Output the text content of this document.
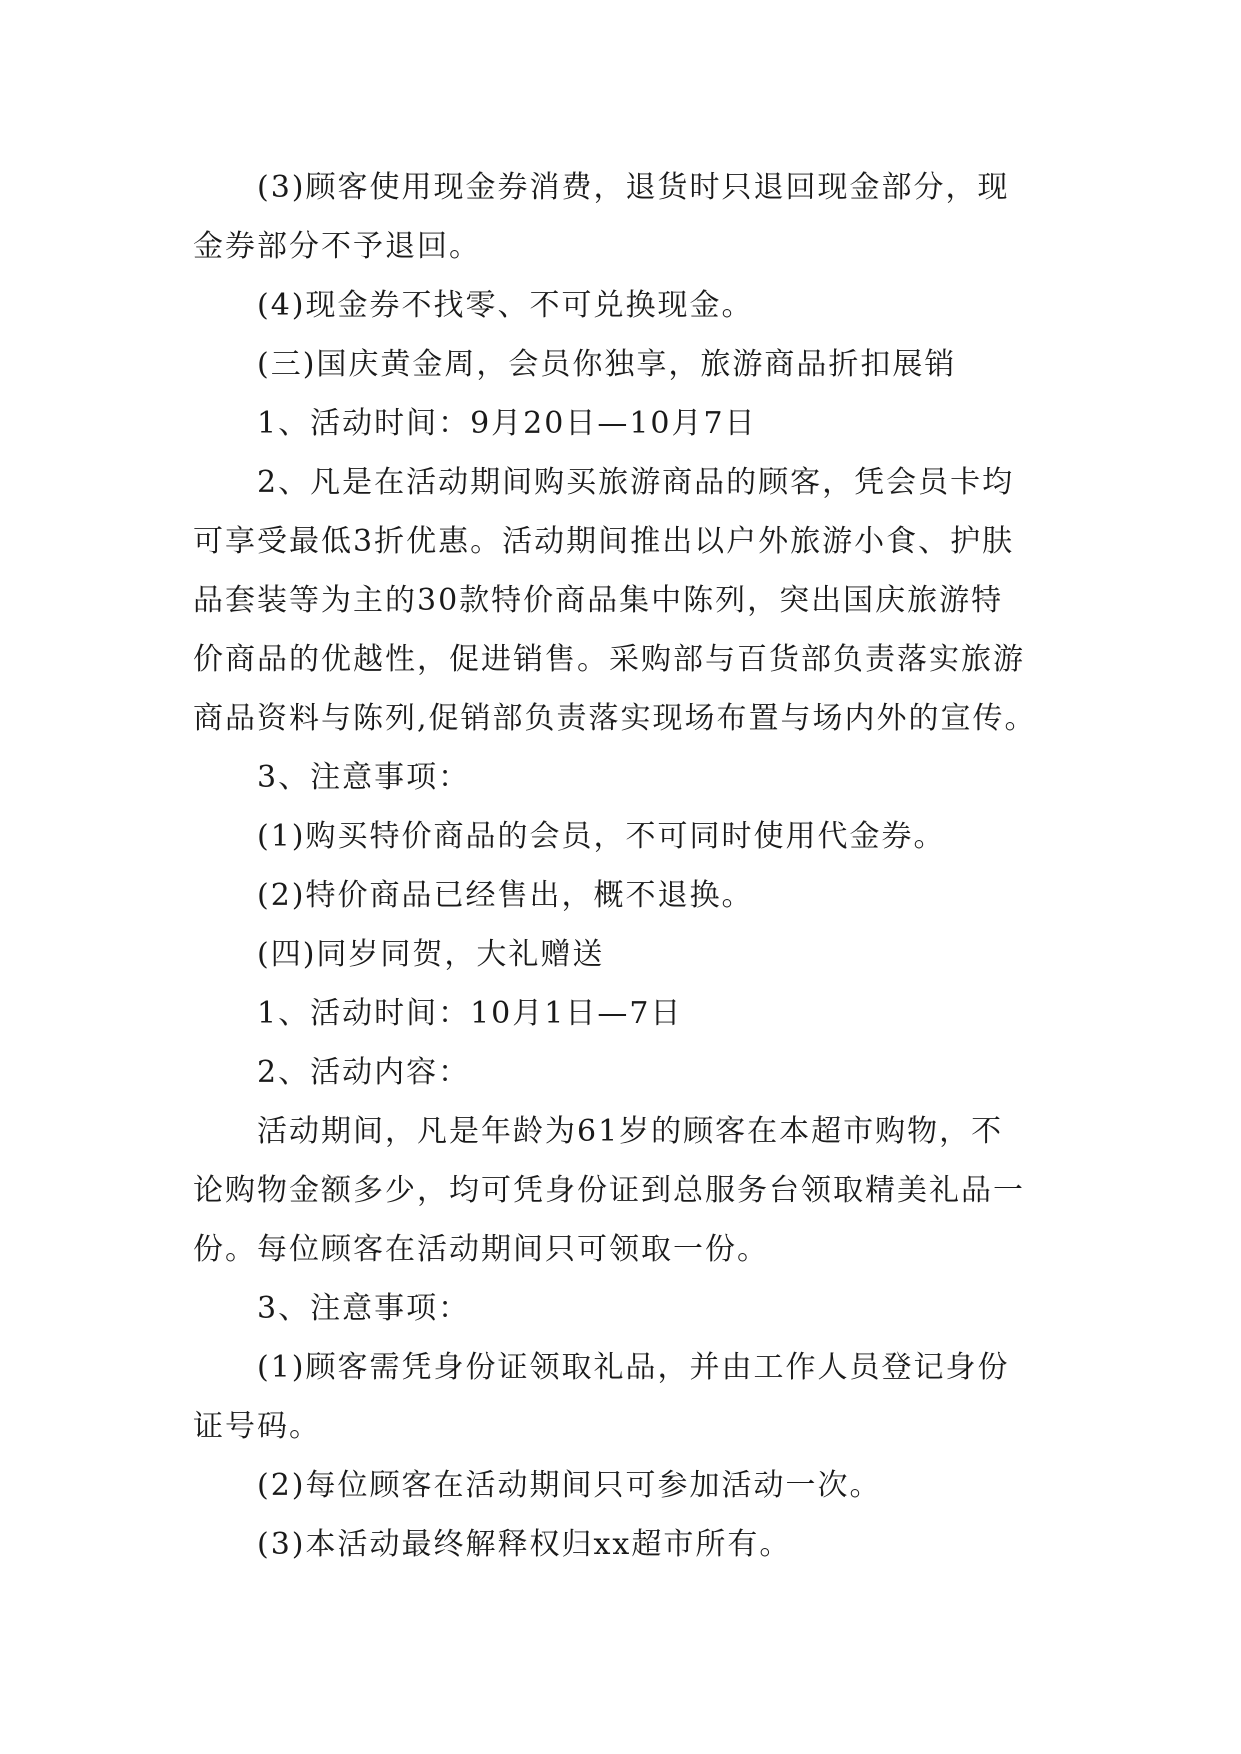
(3)顾客使用现金券消费，退货时只退回现金部分，现
金券部分不予退回。

(4)现金券不找零、不可兑换现金。

(三)国庆黄金周，会员你独享，旅游商品折扣展销

1、活动时间：9月20日—10月7日

2、凡是在活动期间购买旅游商品的顾客，凭会员卡均
可享受最低3折优惠。活动期间推出以户外旅游小食、护肤
品套装等为主的30款特价商品集中陈列，突出国庆旅游特
价商品的优越性，促进销售。采购部与百货部负责落实旅游
商品资料与陈列,促销部负责落实现场布置与场内外的宣传。

3、注意事项：

(1)购买特价商品的会员，不可同时使用代金券。

(2)特价商品已经售出，概不退换。

(四)同岁同贺，大礼赠送

1、活动时间：10月1日—7日

2、活动内容：

活动期间，凡是年龄为61岁的顾客在本超市购物，不
论购物金额多少，均可凭身份证到总服务台领取精美礼品一
份。每位顾客在活动期间只可领取一份。

3、注意事项：

(1)顾客需凭身份证领取礼品，并由工作人员登记身份
证号码。

(2)每位顾客在活动期间只可参加活动一次。

(3)本活动最终解释权归xx超市所有。
